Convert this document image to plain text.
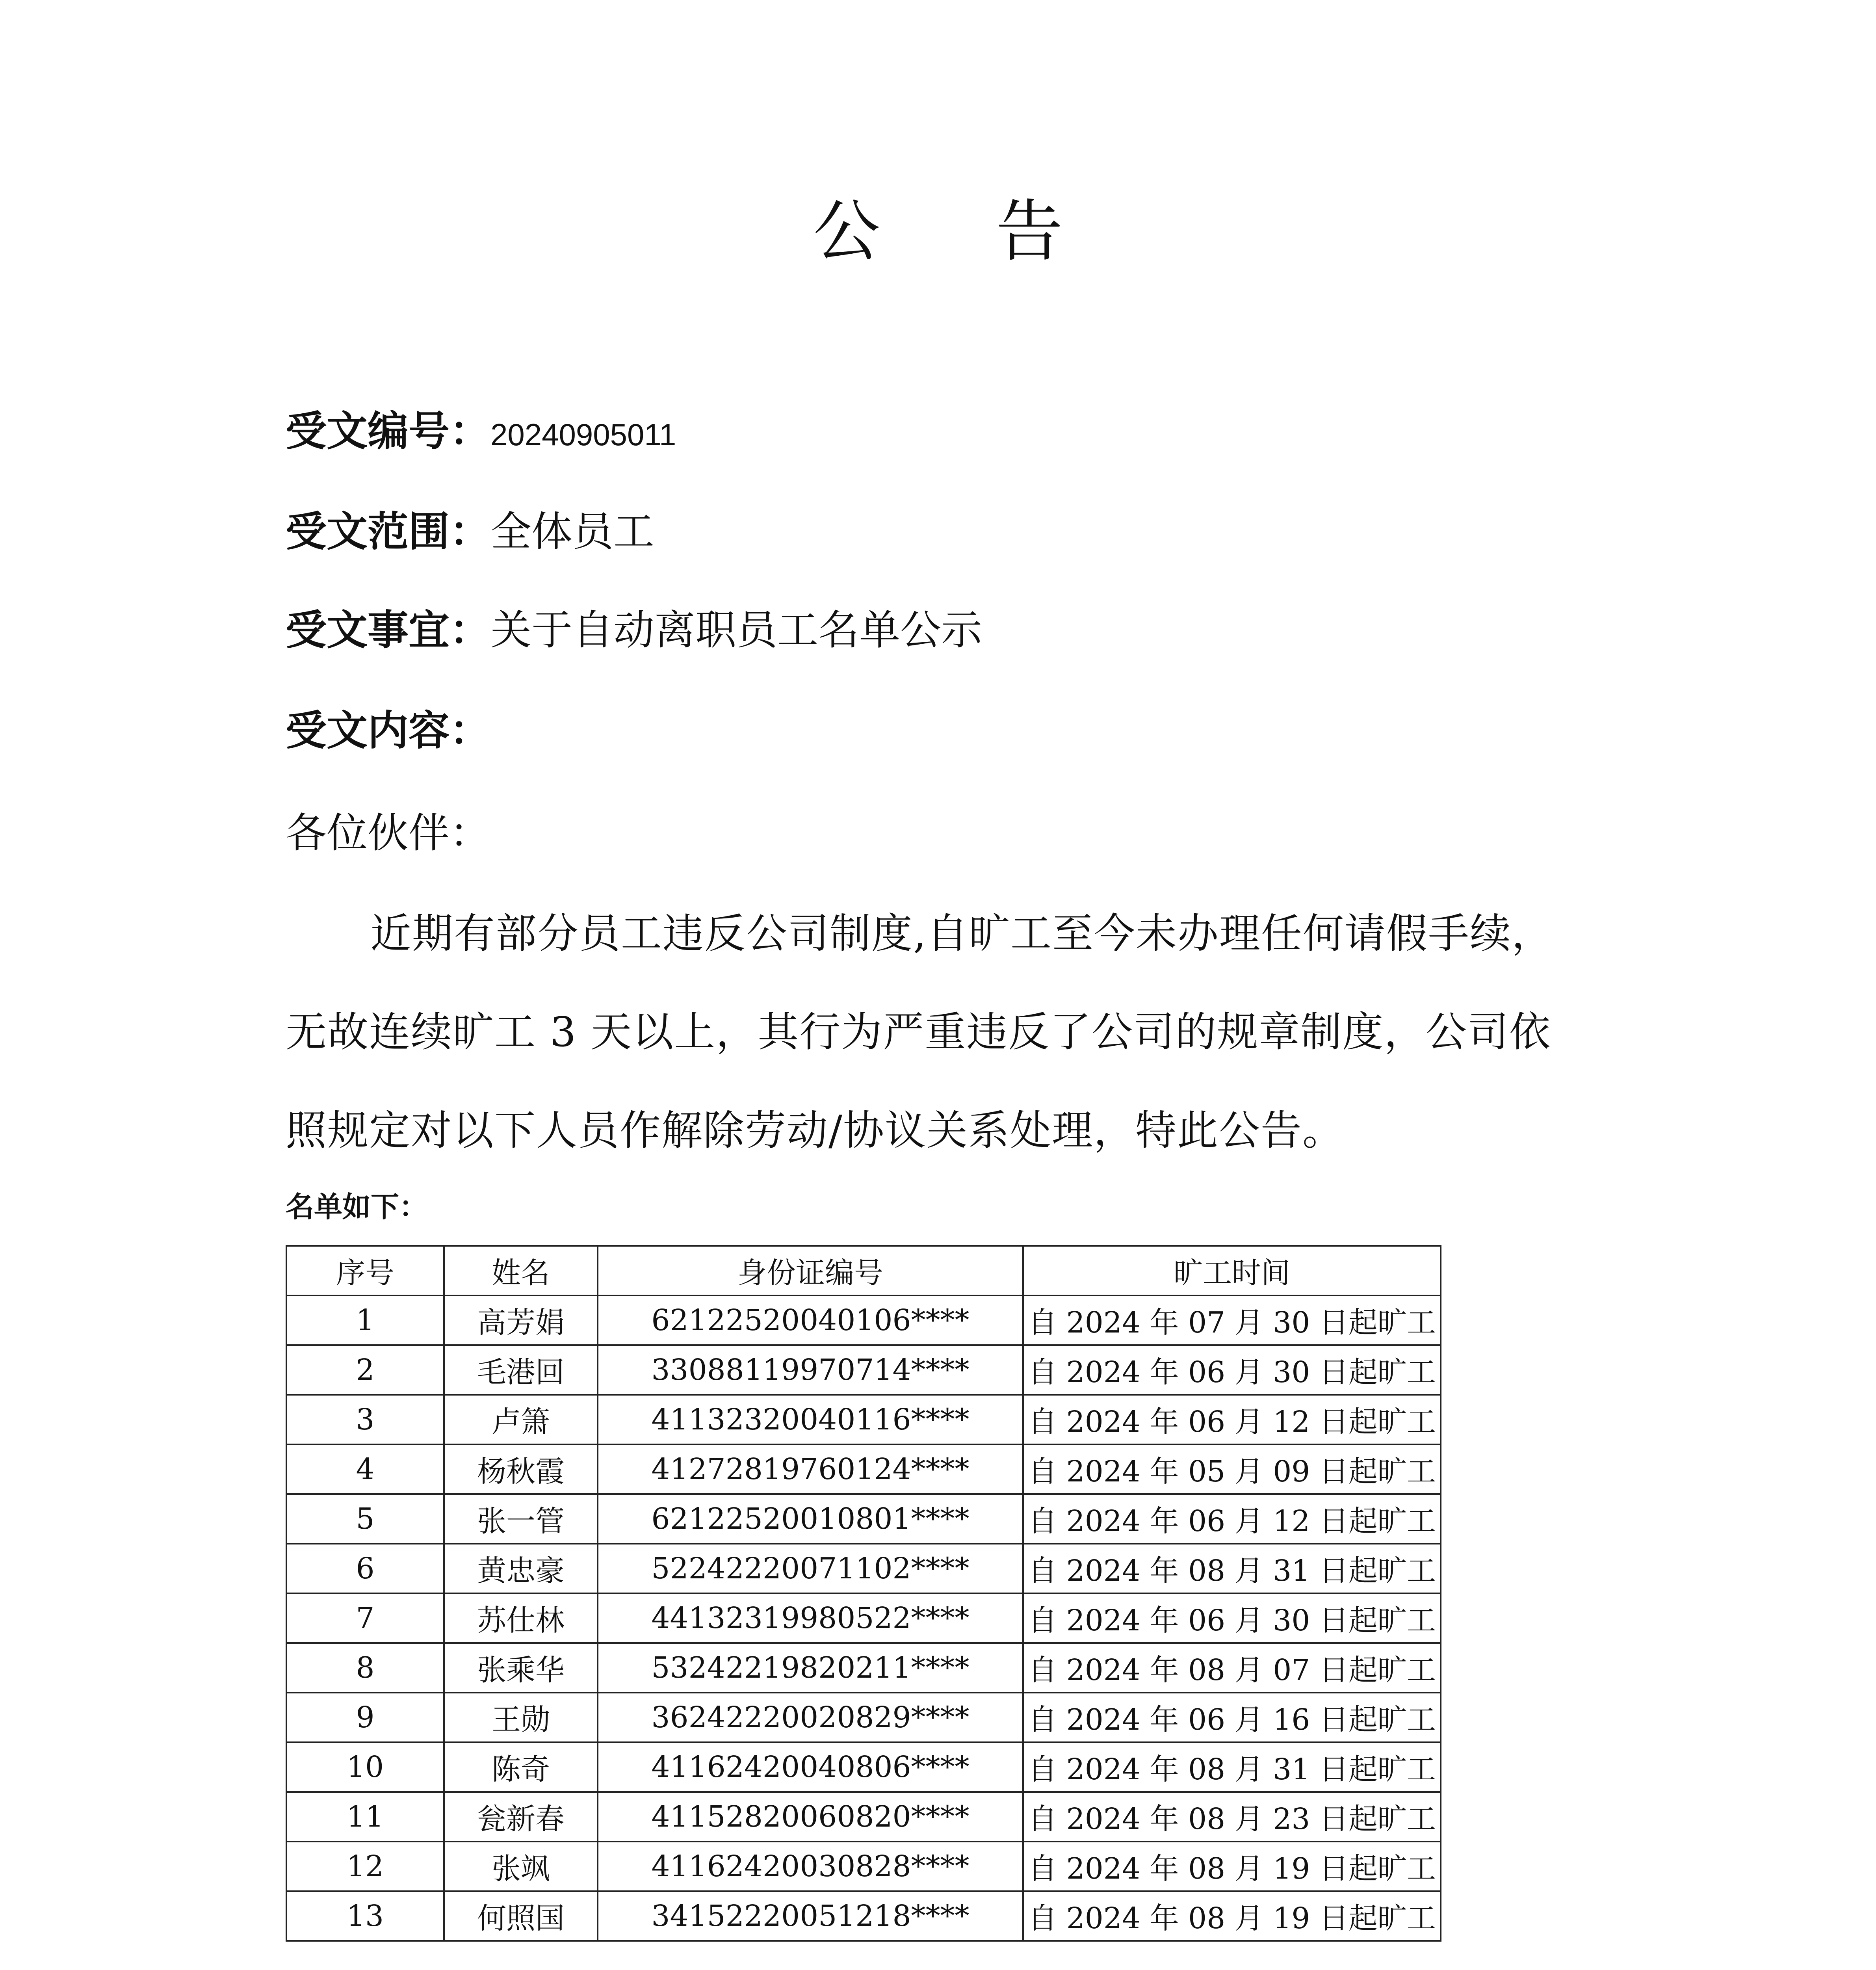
公 告
受文编号：20240905011
受文范围：全体员工
受文事宜：关于自动离职员工名单公示
受文内容：
各位伙伴：
近期有部分员工违反公司制度,自旷工至今未办理任何请假手续，
无故连续旷工 3 天以上，其行为严重违反了公司的规章制度，公司依
照规定对以下人员作解除劳动/协议关系处理，特此公告。
名单如下：
序号	姓名	身份证编号	旷工时间
1	高芳娟	62122520040106****	自 2024 年 07 月 30 日起旷工
2	毛港回	33088119970714****	自 2024 年 06 月 30 日起旷工
3	卢箫	41132320040116****	自 2024 年 06 月 12 日起旷工
4	杨秋霞	41272819760124****	自 2024 年 05 月 09 日起旷工
5	张一管	62122520010801****	自 2024 年 06 月 12 日起旷工
6	黄忠豪	52242220071102****	自 2024 年 08 月 31 日起旷工
7	苏仕林	44132319980522****	自 2024 年 06 月 30 日起旷工
8	张乘华	53242219820211****	自 2024 年 08 月 07 日起旷工
9	王勋	36242220020829****	自 2024 年 06 月 16 日起旷工
10	陈奇	41162420040806****	自 2024 年 08 月 31 日起旷工
11	瓮新春	41152820060820****	自 2024 年 08 月 23 日起旷工
12	张飒	41162420030828****	自 2024 年 08 月 19 日起旷工
13	何照国	34152220051218****	自 2024 年 08 月 19 日起旷工
